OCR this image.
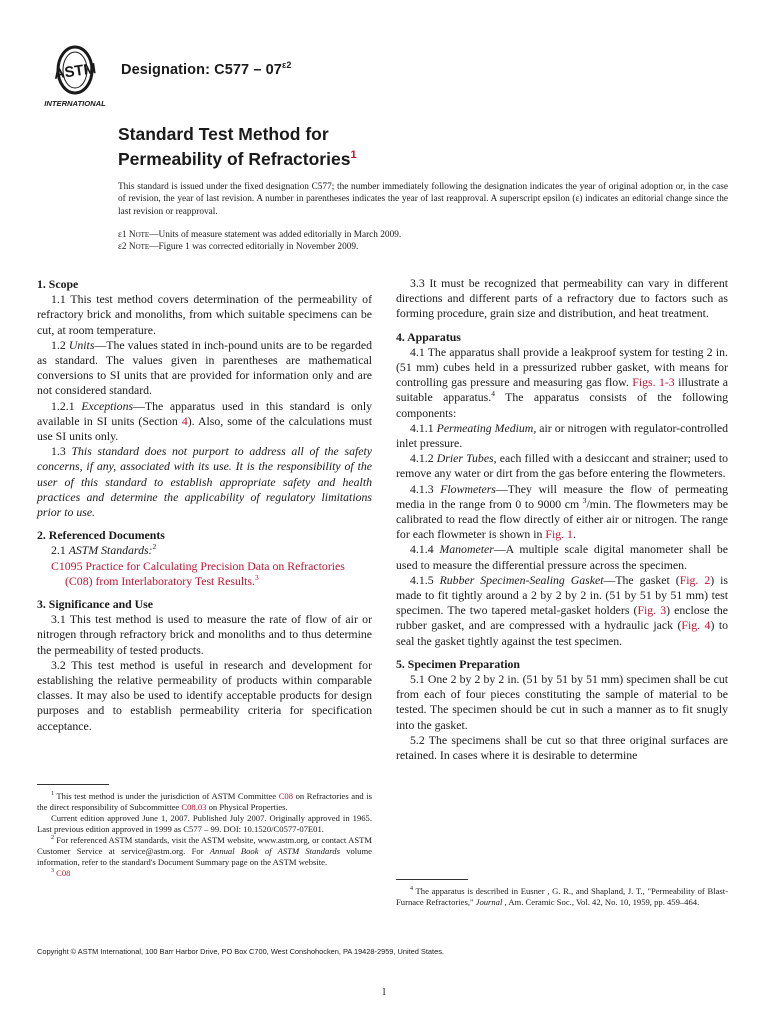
ASTM
INTERNATIONAL
Designation: $C577 - 07^{\varepsilon 2}$
Standard Test Method for
Permeability of Refractories$^1$
This standard is issued under the fixed designation C577; the number immediately following the designation indicates the year of original adoption or, in the case of revision, the year of last revision. A number in parentheses indicates the year of last reapproval. A superscript epsilon (ε) indicates an editorial change since the last revision or reapproval.
ε1 Note—Units of measure statement was added editorially in March 2009.
ε2 Note—Figure 1 was corrected editorially in November 2009.
1. Scope

1.1 This test method covers determination of the permeability of refractory brick and monoliths, from which suitable specimens can be cut, at room temperature.

1.2 Units—The values stated in inch-pound units are to be regarded as standard. The values given in parentheses are mathematical conversions to SI units that are provided for information only and are not considered standard.

1.2.1 Exceptions—The apparatus used in this standard is only available in SI units (Section 4). Also, some of the calculations must use SI units only.

1.3 This standard does not purport to address all of the safety concerns, if any, associated with its use. It is the responsibility of the user of this standard to establish appropriate safety and health practices and determine the applicability of regulatory limitations prior to use.

2. Referenced Documents

2.1 ASTM Standards:$^2$

C1095 Practice for Calculating Precision Data on Refractories (C08) from Interlaboratory Test Results.$^3$

3. Significance and Use

3.1 This test method is used to measure the rate of flow of air or nitrogen through refractory brick and monoliths and to thus determine the permeability of tested products.

3.2 This test method is useful in research and development for establishing the relative permeability of products within comparable classes. It may also be used to identify acceptable products for design purposes and to establish permeability criteria for specification acceptance.

3.3 It must be recognized that permeability can vary in different directions and different parts of a refractory due to factors such as forming procedure, grain size and distribution, and heat treatment.

4. Apparatus

4.1 The apparatus shall provide a leakproof system for testing 2 in. (51 mm) cubes held in a pressurized rubber gasket, with means for controlling gas pressure and measuring gas flow. Figs. 1-3 illustrate a suitable apparatus.$^4$ The apparatus consists of the following components:

4.1.1 Permeating Medium, air or nitrogen with regulator-controlled inlet pressure.

4.1.2 Drier Tubes, each filled with a desiccant and strainer; used to remove any water or dirt from the gas before entering the flowmeters.

4.1.3 Flowmeters—They will measure the flow of permeating media in the range from 0 to 9000 cm $^3$/min. The flowmeters may be calibrated to read the flow directly of either air or nitrogen. The range for each flowmeter is shown in Fig. 1.

4.1.4 Manometer—A multiple scale digital manometer shall be used to measure the differential pressure across the specimen.

4.1.5 Rubber Specimen-Sealing Gasket—The gasket (Fig. 2) is made to fit tightly around a 2 by 2 by 2 in. (51 by 51 by 51 mm) test specimen. The two tapered metal-gasket holders (Fig. 3) enclose the rubber gasket, and are compressed with a hydraulic jack (Fig. 4) to seal the gasket tightly against the test specimen.

5. Specimen Preparation

5.1 One 2 by 2 by 2 in. (51 by 51 by 51 mm) specimen shall be cut from each of four pieces constituting the sample of material to be tested. The specimen should be cut in such a manner as to fit snugly into the gasket.

5.2 The specimens shall be cut so that three original surfaces are retained. In cases where it is desirable to determine

$^1$ This test method is under the jurisdiction of ASTM Committee C08 on Refractories and is the direct responsibility of Subcommittee C08.03 on Physical Properties.

Current edition approved June 1, 2007. Published July 2007. Originally approved in 1965. Last previous edition approved in 1999 as C577 – 99. DOI: 10.1520/C0577-07E01.

$^2$ For referenced ASTM standards, visit the ASTM website, www.astm.org, or contact ASTM Customer Service at service@astm.org. For Annual Book of ASTM Standards volume information, refer to the standard's Document Summary page on the ASTM website.

$^3$ C08

$^4$ The apparatus is described in Eusner , G. R., and Shapland, J. T., "Permeability of Blast-Furnace Refractories," Journal , Am. Ceramic Soc., Vol. 42, No. 10, 1959, pp. 459–464.

Copyright © ASTM International, 100 Barr Harbor Drive, PO Box C700, West Conshohocken, PA 19428-2959, United States.
1
